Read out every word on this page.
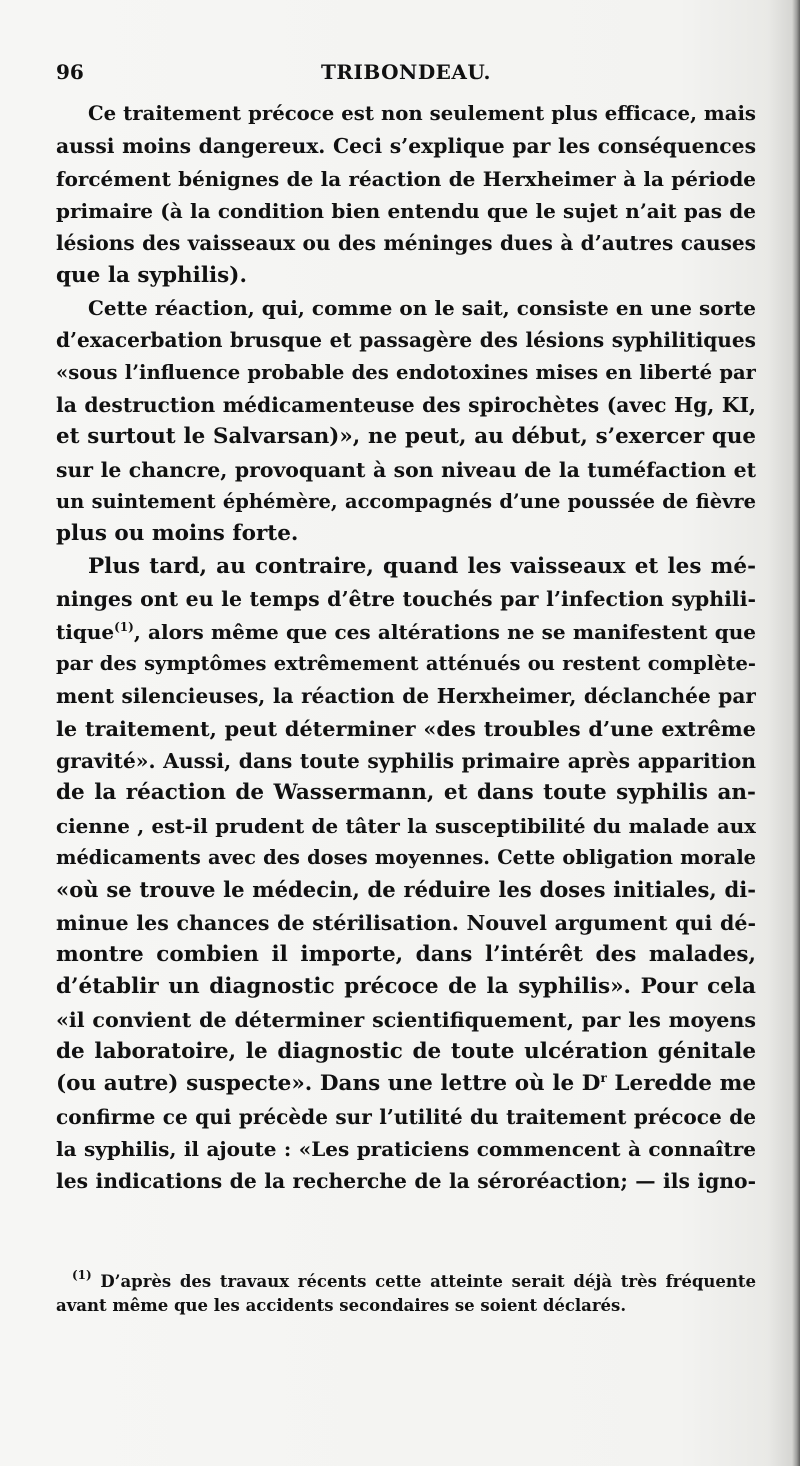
96	TRIBONDEAU.
Ce traitement précoce est non seulement plus efficace, mais
aussi moins dangereux. Ceci s’explique par les conséquences
forcément bénignes de la réaction de Herxheimer à la période
primaire (à la condition bien entendu que le sujet n’ait pas de
lésions des vaisseaux ou des méninges dues à d’autres causes
que la syphilis).
Cette réaction, qui, comme on le sait, consiste en une sorte
d’exacerbation brusque et passagère des lésions syphilitiques
«sous l’influence probable des endotoxines mises en liberté par
la destruction médicamenteuse des spirochètes (avec Hg, KI,
et surtout le Salvarsan)», ne peut, au début, s’exercer que
sur le chancre, provoquant à son niveau de la tuméfaction et
un suintement éphémère, accompagnés d’une poussée de fièvre
plus ou moins forte.
Plus tard, au contraire, quand les vaisseaux et les mé-
ninges ont eu le temps d’être touchés par l’infection syphili-
tique$^{(1)}$, alors même que ces altérations ne se manifestent que
par des symptômes extrêmement atténués ou restent complète-
ment silencieuses, la réaction de Herxheimer, déclanchée par
le traitement, peut déterminer «des troubles d’une extrême
gravité». Aussi, dans toute syphilis primaire après apparition
de la réaction de Wassermann, et dans toute syphilis an-
cienne , est-il prudent de tâter la susceptibilité du malade aux
médicaments avec des doses moyennes. Cette obligation morale
«où se trouve le médecin, de réduire les doses initiales, di-
minue les chances de stérilisation. Nouvel argument qui dé-
montre combien il importe, dans l’intérêt des malades,
d’établir un diagnostic précoce de la syphilis». Pour cela
«il convient de déterminer scientifiquement, par les moyens
de laboratoire, le diagnostic de toute ulcération génitale
(ou autre) suspecte». Dans une lettre où le $D^r$ Leredde me
confirme ce qui précède sur l’utilité du traitement précoce de
la syphilis, il ajoute : «Les praticiens commencent à connaître
les indications de la recherche de la séroréaction; — ils igno-
$^{(1)}$ D’après des travaux récents cette atteinte serait déjà très fréquente
avant même que les accidents secondaires se soient déclarés.
